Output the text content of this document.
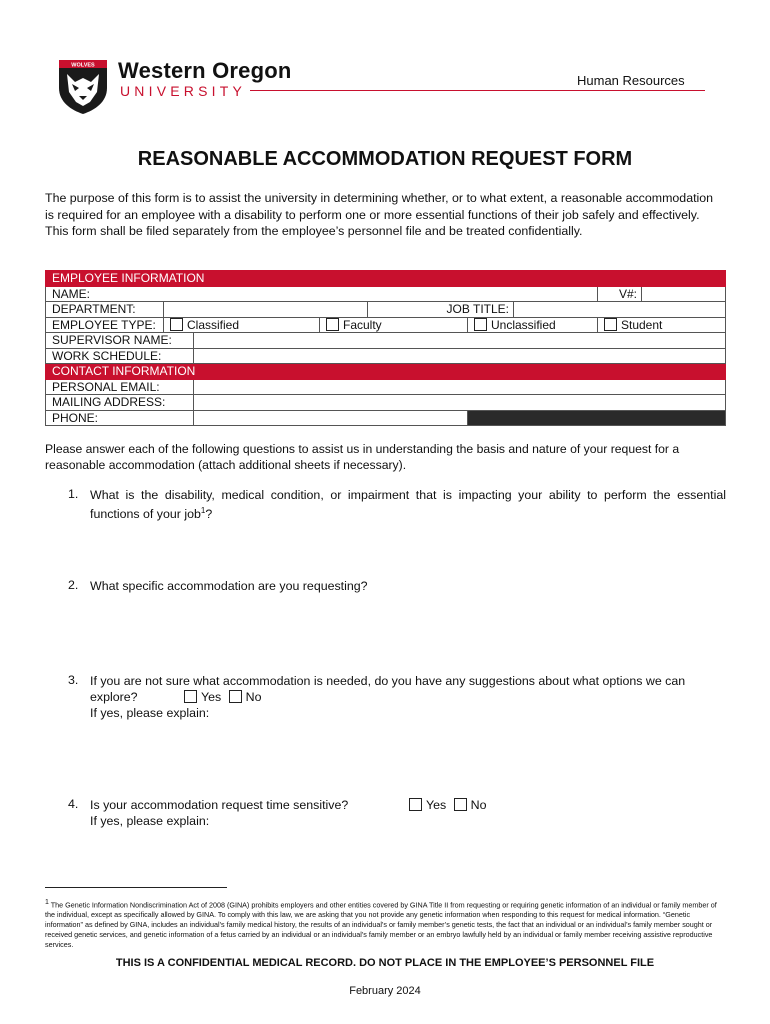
WOLVES Western Oregon
UNIVERSITY
Human Resources
REASONABLE ACCOMMODATION REQUEST FORM
The purpose of this form is to assist the university in determining whether, or to what extent, a reasonable accommodation is required for an employee with a disability to perform one or more essential functions of their job safely and effectively. This form shall be filed separately from the employee’s personnel file and be treated confidentially.
EMPLOYEE INFORMATION								
NAME:							V#:	
DEPARTMENT:				JOB TITLE:				
EMPLOYEE TYPE:	Classified		Faculty		Unclassified		Student	
SUPERVISOR NAME:								
WORK SCHEDULE:								
CONTACT INFORMATION								
PERSONAL EMAIL:								
MAILING ADDRESS:								
PHONE:								
Please answer each of the following questions to assist us in understanding the basis and nature of your request for a reasonable accommodation (attach additional sheets if necessary).
1. What is the disability, medical condition, or impairment that is impacting your ability to perform the essential functions of your job$^1$?
2. What specific accommodation are you requesting?
3. If you are not sure what accommodation is needed, do you have any suggestions about what options we can explore?	Yes No
If yes, please explain:
4. Is your accommodation request time sensitive?	Yes No
If yes, please explain:
$^1$ The Genetic Information Nondiscrimination Act of 2008 (GINA) prohibits employers and other entities covered by GINA Title II from requesting or requiring genetic information of an individual or family member of the individual, except as specifically allowed by GINA. To comply with this law, we are asking that you not provide any genetic information when responding to this request for medical information. “Genetic information” as defined by GINA, includes an individual’s family medical history, the results of an individual’s or family member’s genetic tests, the fact that an individual or an individual’s family member sought or received genetic services, and genetic information of a fetus carried by an individual or an individual’s family member or an embryo lawfully held by an individual or family member receiving assistive reproductive services.
THIS IS A CONFIDENTIAL MEDICAL RECORD. DO NOT PLACE IN THE EMPLOYEE’S PERSONNEL FILE
February 2024
